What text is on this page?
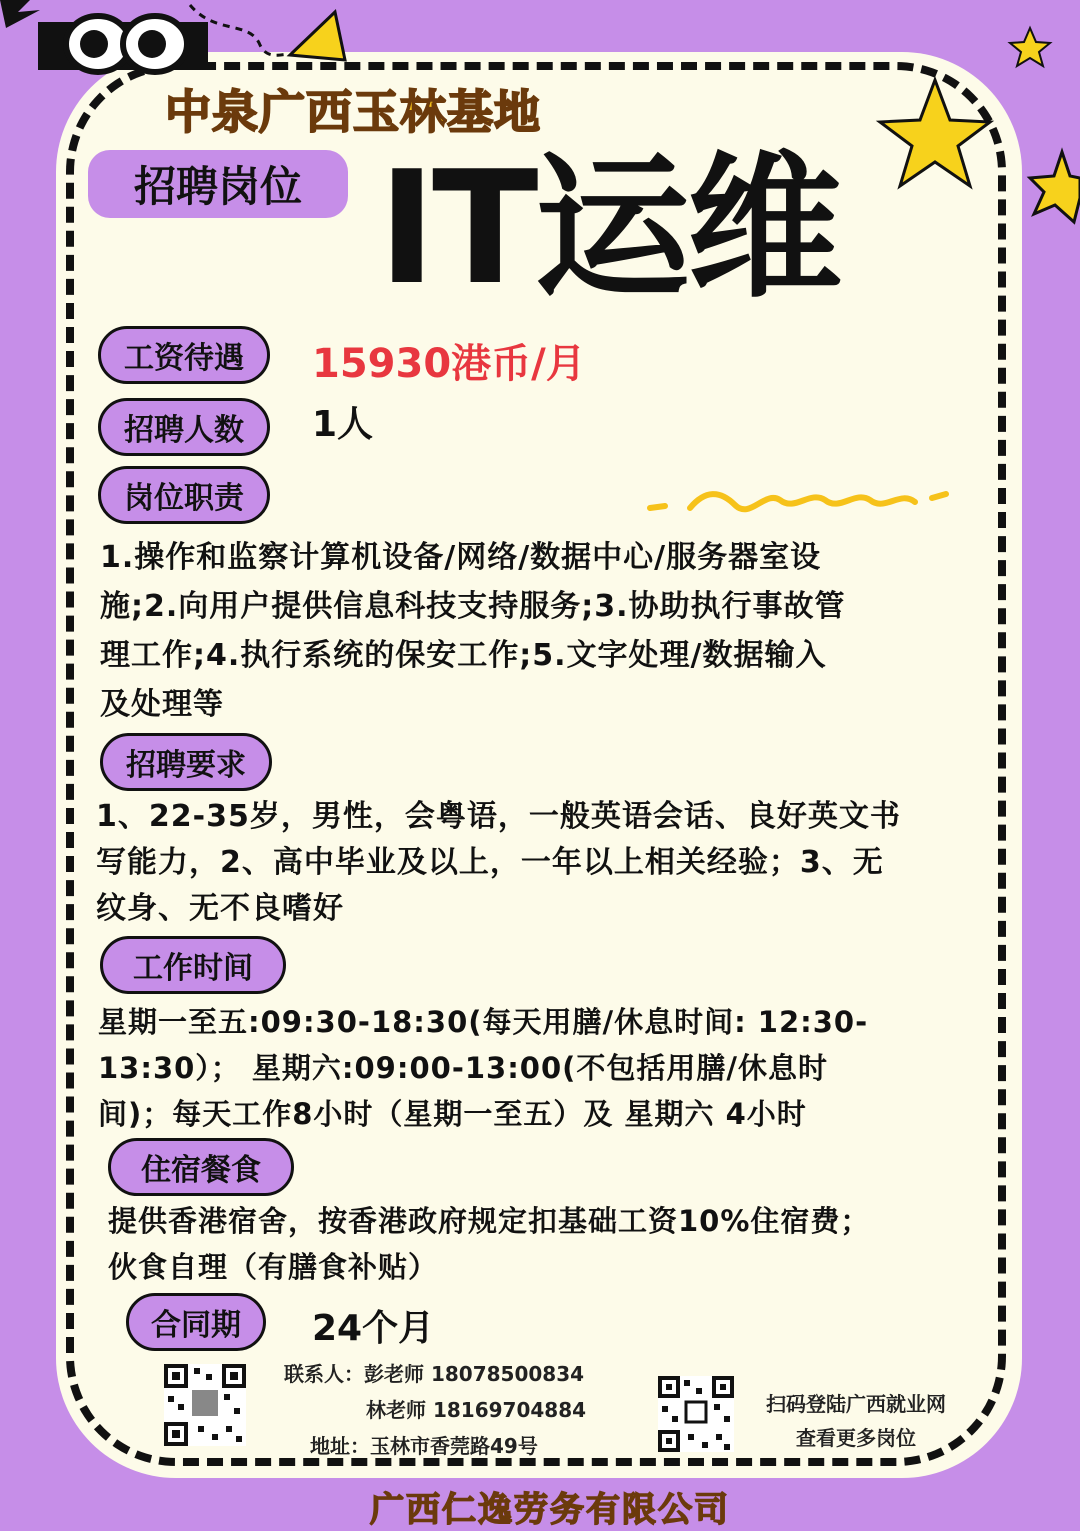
中泉广西玉林基地
招聘岗位 IT运维
工资待遇	15930港币/月
招聘人数	1人
岗位职责
1.操作和监察计算机设备/网络/数据中心/服务器室设
施;2.向用户提供信息科技支持服务;3.协助执行事故管
理工作;4.执行系统的保安工作;5.文字处理/数据输入
及处理等
招聘要求
1、22-35岁，男性，会粤语，一般英语会话、良好英文书
写能力，2、高中毕业及以上，一年以上相关经验；3、无
纹身、无不良嗜好
工作时间
星期一至五:09:30-18:30(每天用膳/休息时间: 12:30-
13:30）； 星期六:09:00-13:00(不包括用膳/休息时
间)；每天工作8小时（星期一至五）及 星期六 4小时
住宿餐食
提供香港宿舍，按香港政府规定扣基础工资10%住宿费；
伙食自理（有膳食补贴）
合同期	24个月
联系人：彭老师 18078500834
林老师 18169704884
地址：玉林市香莞路49号
扫码登陆广西就业网
查看更多岗位
广西仁逸劳务有限公司
